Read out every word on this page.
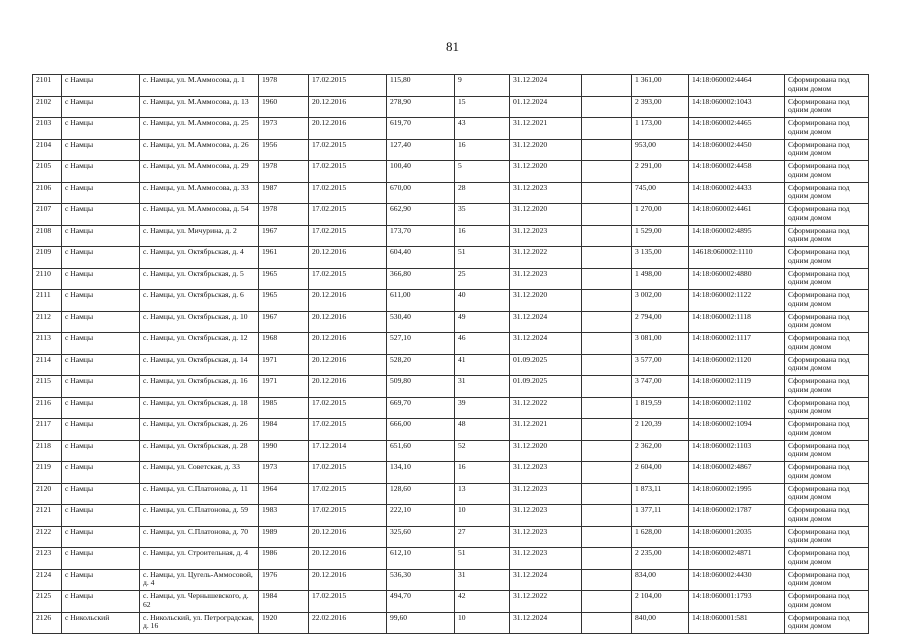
81
2101	с Намцы	с. Намцы, ул. М.Аммосова, д. 1	1978	17.02.2015	115,80	9	31.12.2024		1 361,00	14:18:060002:4464	Сформирована под одним домом
2102	с Намцы	с. Намцы, ул. М.Аммосова, д. 13	1960	20.12.2016	278,90	15	01.12.2024		2 393,00	14:18:060002:1043	Сформирована под одним домом
2103	с Намцы	с. Намцы, ул. М.Аммосова, д. 25	1973	20.12.2016	619,70	43	31.12.2021		1 173,00	14:18:060002:4465	Сформирована под одним домом
2104	с Намцы	с. Намцы, ул. М.Аммосова, д. 26	1956	17.02.2015	127,40	16	31.12.2020		953,00	14:18:060002:4450	Сформирована под одним домом
2105	с Намцы	с. Намцы, ул. М.Аммосова, д. 29	1978	17.02.2015	100,40	5	31.12.2020		2 291,00	14:18:060002:4458	Сформирована под одним домом
2106	с Намцы	с. Намцы, ул. М.Аммосова, д. 33	1987	17.02.2015	670,00	28	31.12.2023		745,00	14:18:060002:4433	Сформирована под одним домом
2107	с Намцы	с. Намцы, ул. М.Аммосова, д. 54	1978	17.02.2015	662,90	35	31.12.2020		1 270,00	14:18:060002:4461	Сформирована под одним домом
2108	с Намцы	с. Намцы, ул. Мичурина, д. 2	1967	17.02.2015	173,70	16	31.12.2023		1 529,00	14:18:060002:4895	Сформирована под одним домом
2109	с Намцы	с. Намцы, ул. Октябрьская, д. 4	1961	20.12.2016	604,40	51	31.12.2022		3 135,00	14618:060002:1110	Сформирована под одним домом
2110	с Намцы	с. Намцы, ул. Октябрьская, д. 5	1965	17.02.2015	366,80	25	31.12.2023		1 498,00	14:18:060002:4880	Сформирована под одним домом
2111	с Намцы	с. Намцы, ул. Октябрьская, д. 6	1965	20.12.2016	611,00	40	31.12.2020		3 002,00	14:18:060002:1122	Сформирована под одним домом
2112	с Намцы	с. Намцы, ул. Октябрьская, д. 10	1967	20.12.2016	530,40	49	31.12.2024		2 794,00	14:18:060002:1118	Сформирована под одним домом
2113	с Намцы	с. Намцы, ул. Октябрьская, д. 12	1968	20.12.2016	527,10	46	31.12.2024		3 081,00	14:18:060002:1117	Сформирована под одним домом
2114	с Намцы	с. Намцы, ул. Октябрьская, д. 14	1971	20.12.2016	528,20	41	01.09.2025		3 577,00	14:18:060002:1120	Сформирована под одним домом
2115	с Намцы	с. Намцы, ул. Октябрьская, д. 16	1971	20.12.2016	509,80	31	01.09.2025		3 747,00	14:18:060002:1119	Сформирована под одним домом
2116	с Намцы	с. Намцы, ул. Октябрьская, д. 18	1985	17.02.2015	669,70	39	31.12.2022		1 819,59	14:18:060002:1102	Сформирована под одним домом
2117	с Намцы	с. Намцы, ул. Октябрьская, д. 26	1984	17.02.2015	666,00	48	31.12.2021		2 120,39	14:18:060002:1094	Сформирована под одним домом
2118	с Намцы	с. Намцы, ул. Октябрьская, д. 28	1990	17.12.2014	651,60	52	31.12.2020		2 362,00	14:18:060002:1103	Сформирована под одним домом
2119	с Намцы	с. Намцы, ул. Советская, д. 33	1973	17.02.2015	134,10	16	31.12.2023		2 604,00	14:18:060002:4867	Сформирована под одним домом
2120	с Намцы	с. Намцы, ул. С.Платонова, д. 11	1964	17.02.2015	128,60	13	31.12.2023		1 873,11	14:18:060002:1995	Сформирована под одним домом
2121	с Намцы	с. Намцы, ул. С.Платонова, д. 59	1983	17.02.2015	222,10	10	31.12.2023		1 377,11	14:18:060002:1787	Сформирована под одним домом
2122	с Намцы	с. Намцы, ул. С.Платонова, д. 70	1989	20.12.2016	325,60	27	31.12.2023		1 628,00	14:18:060001:2035	Сформирована под одним домом
2123	с Намцы	с. Намцы, ул. Строительная, д. 4	1986	20.12.2016	612,10	51	31.12.2023		2 235,00	14:18:060002:4871	Сформирована под одним домом
2124	с Намцы	с. Намцы, ул. Цугель-Аммосовой, д. 4	1976	20.12.2016	536,30	31	31.12.2024		834,00	14:18:060002:4430	Сформирована под одним домом
2125	с Намцы	с. Намцы, ул. Чернышевского, д. 62	1984	17.02.2015	494,70	42	31.12.2022		2 104,00	14:18:060001:1793	Сформирована под одним домом
2126	с Никольский	с. Никольский, ул. Петроградская, д. 16	1920	22.02.2016	99,60	10	31.12.2024		840,00	14:18:060001:581	Сформирована под одним домом
